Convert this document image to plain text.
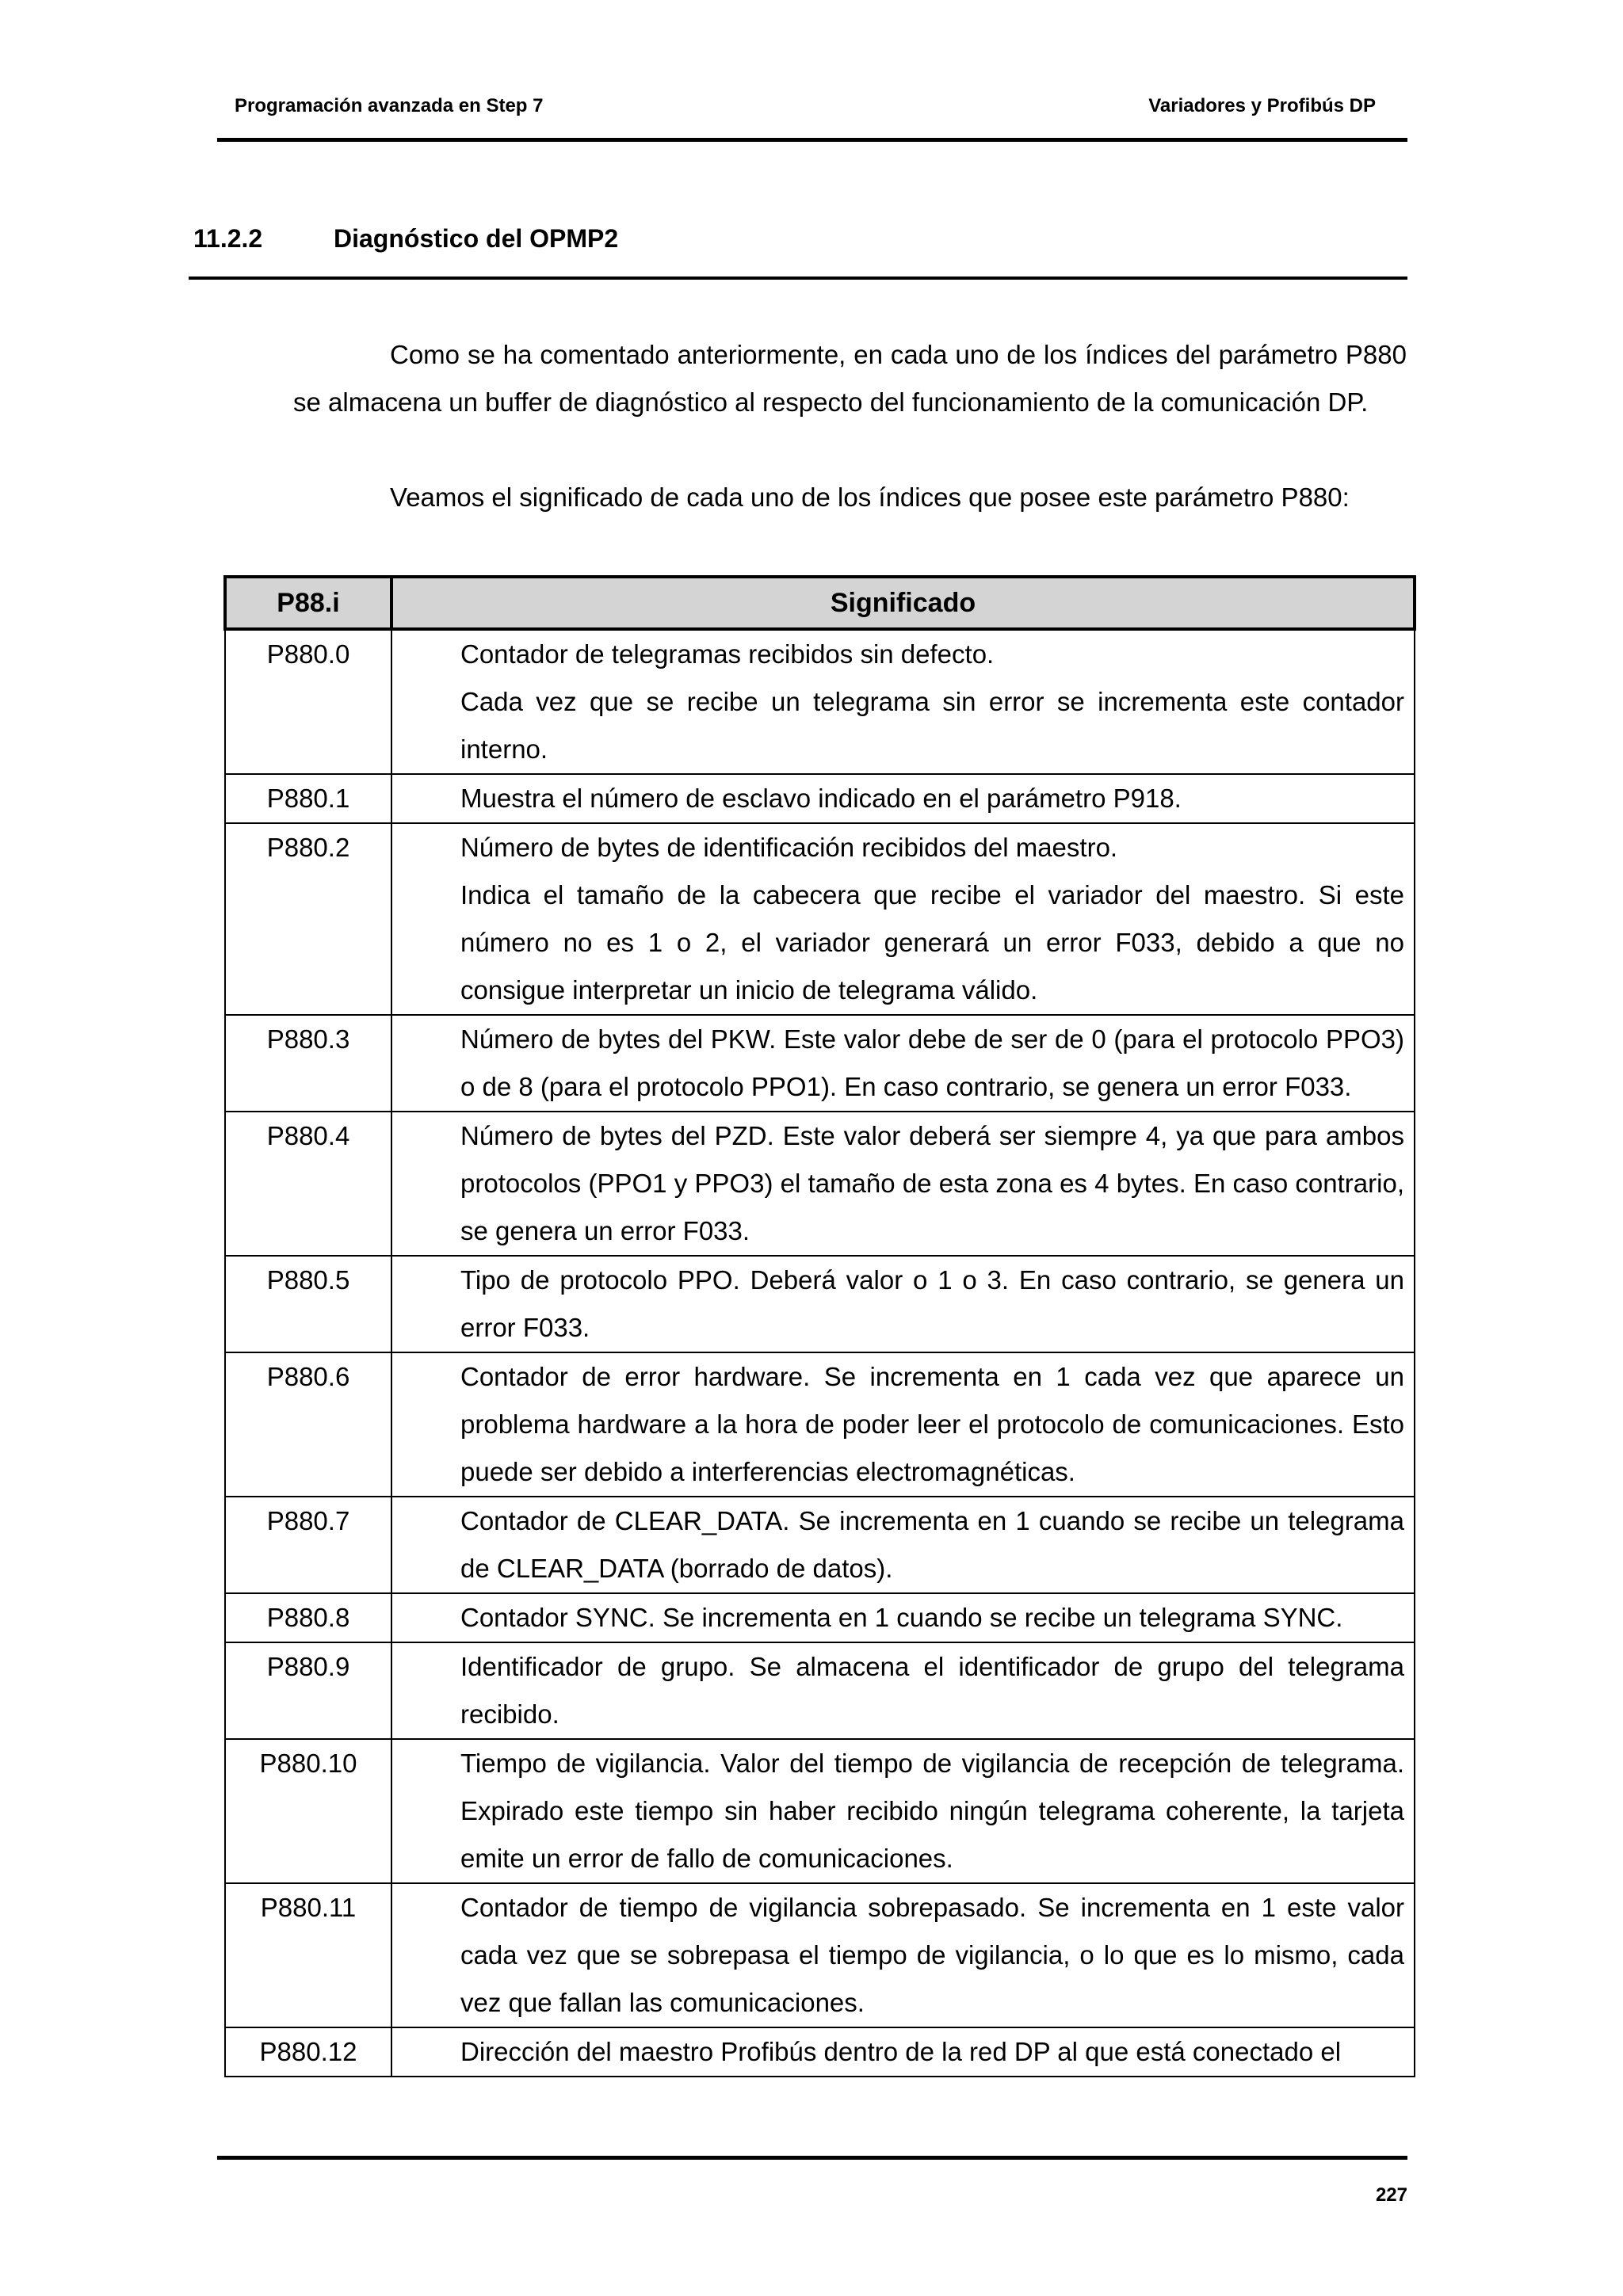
Programación avanzada en Step 7	Variadores y Profibús DP
11.2.2	Diagnóstico del OPMP2

Como se ha comentado anteriormente, en cada uno de los índices del parámetro P880 se almacena un buffer de diagnóstico al respecto del funcionamiento de la comunicación DP.

Veamos el significado de cada uno de los índices que posee este parámetro P880:

P88.i	Significado
P880.0	Contador de telegramas recibidos sin defecto.
Cada vez que se recibe un telegrama sin error se incrementa este contador interno.

P880.1	Muestra el número de esclavo indicado en el parámetro P918.

P880.2	Número de bytes de identificación recibidos del maestro.
Indica el tamaño de la cabecera que recibe el variador del maestro. Si este número no es 1 o 2, el variador generará un error F033, debido a que no consigue interpretar un inicio de telegrama válido.

P880.3	Número de bytes del PKW. Este valor debe de ser de 0 (para el protocolo PPO3) o de 8 (para el protocolo PPO1). En caso contrario, se genera un error F033.

P880.4	Número de bytes del PZD. Este valor deberá ser siempre 4, ya que para ambos protocolos (PPO1 y PPO3) el tamaño de esta zona es 4 bytes. En caso contrario, se genera un error F033.

P880.5	Tipo de protocolo PPO. Deberá valor o 1 o 3. En caso contrario, se genera un error F033.

P880.6	Contador de error hardware. Se incrementa en 1 cada vez que aparece un problema hardware a la hora de poder leer el protocolo de comunicaciones. Esto puede ser debido a interferencias electromagnéticas.

P880.7	Contador de CLEAR_DATA. Se incrementa en 1 cuando se recibe un telegrama de CLEAR_DATA (borrado de datos).

P880.8	Contador SYNC. Se incrementa en 1 cuando se recibe un telegrama SYNC.

P880.9	Identificador de grupo. Se almacena el identificador de grupo del telegrama recibido.

P880.10	Tiempo de vigilancia. Valor del tiempo de vigilancia de recepción de telegrama. Expirado este tiempo sin haber recibido ningún telegrama coherente, la tarjeta emite un error de fallo de comunicaciones.

P880.11	Contador de tiempo de vigilancia sobrepasado. Se incrementa en 1 este valor cada vez que se sobrepasa el tiempo de vigilancia, o lo que es lo mismo, cada vez que fallan las comunicaciones.

P880.12	Dirección del maestro Profibús dentro de la red DP al que está conectado el
227
